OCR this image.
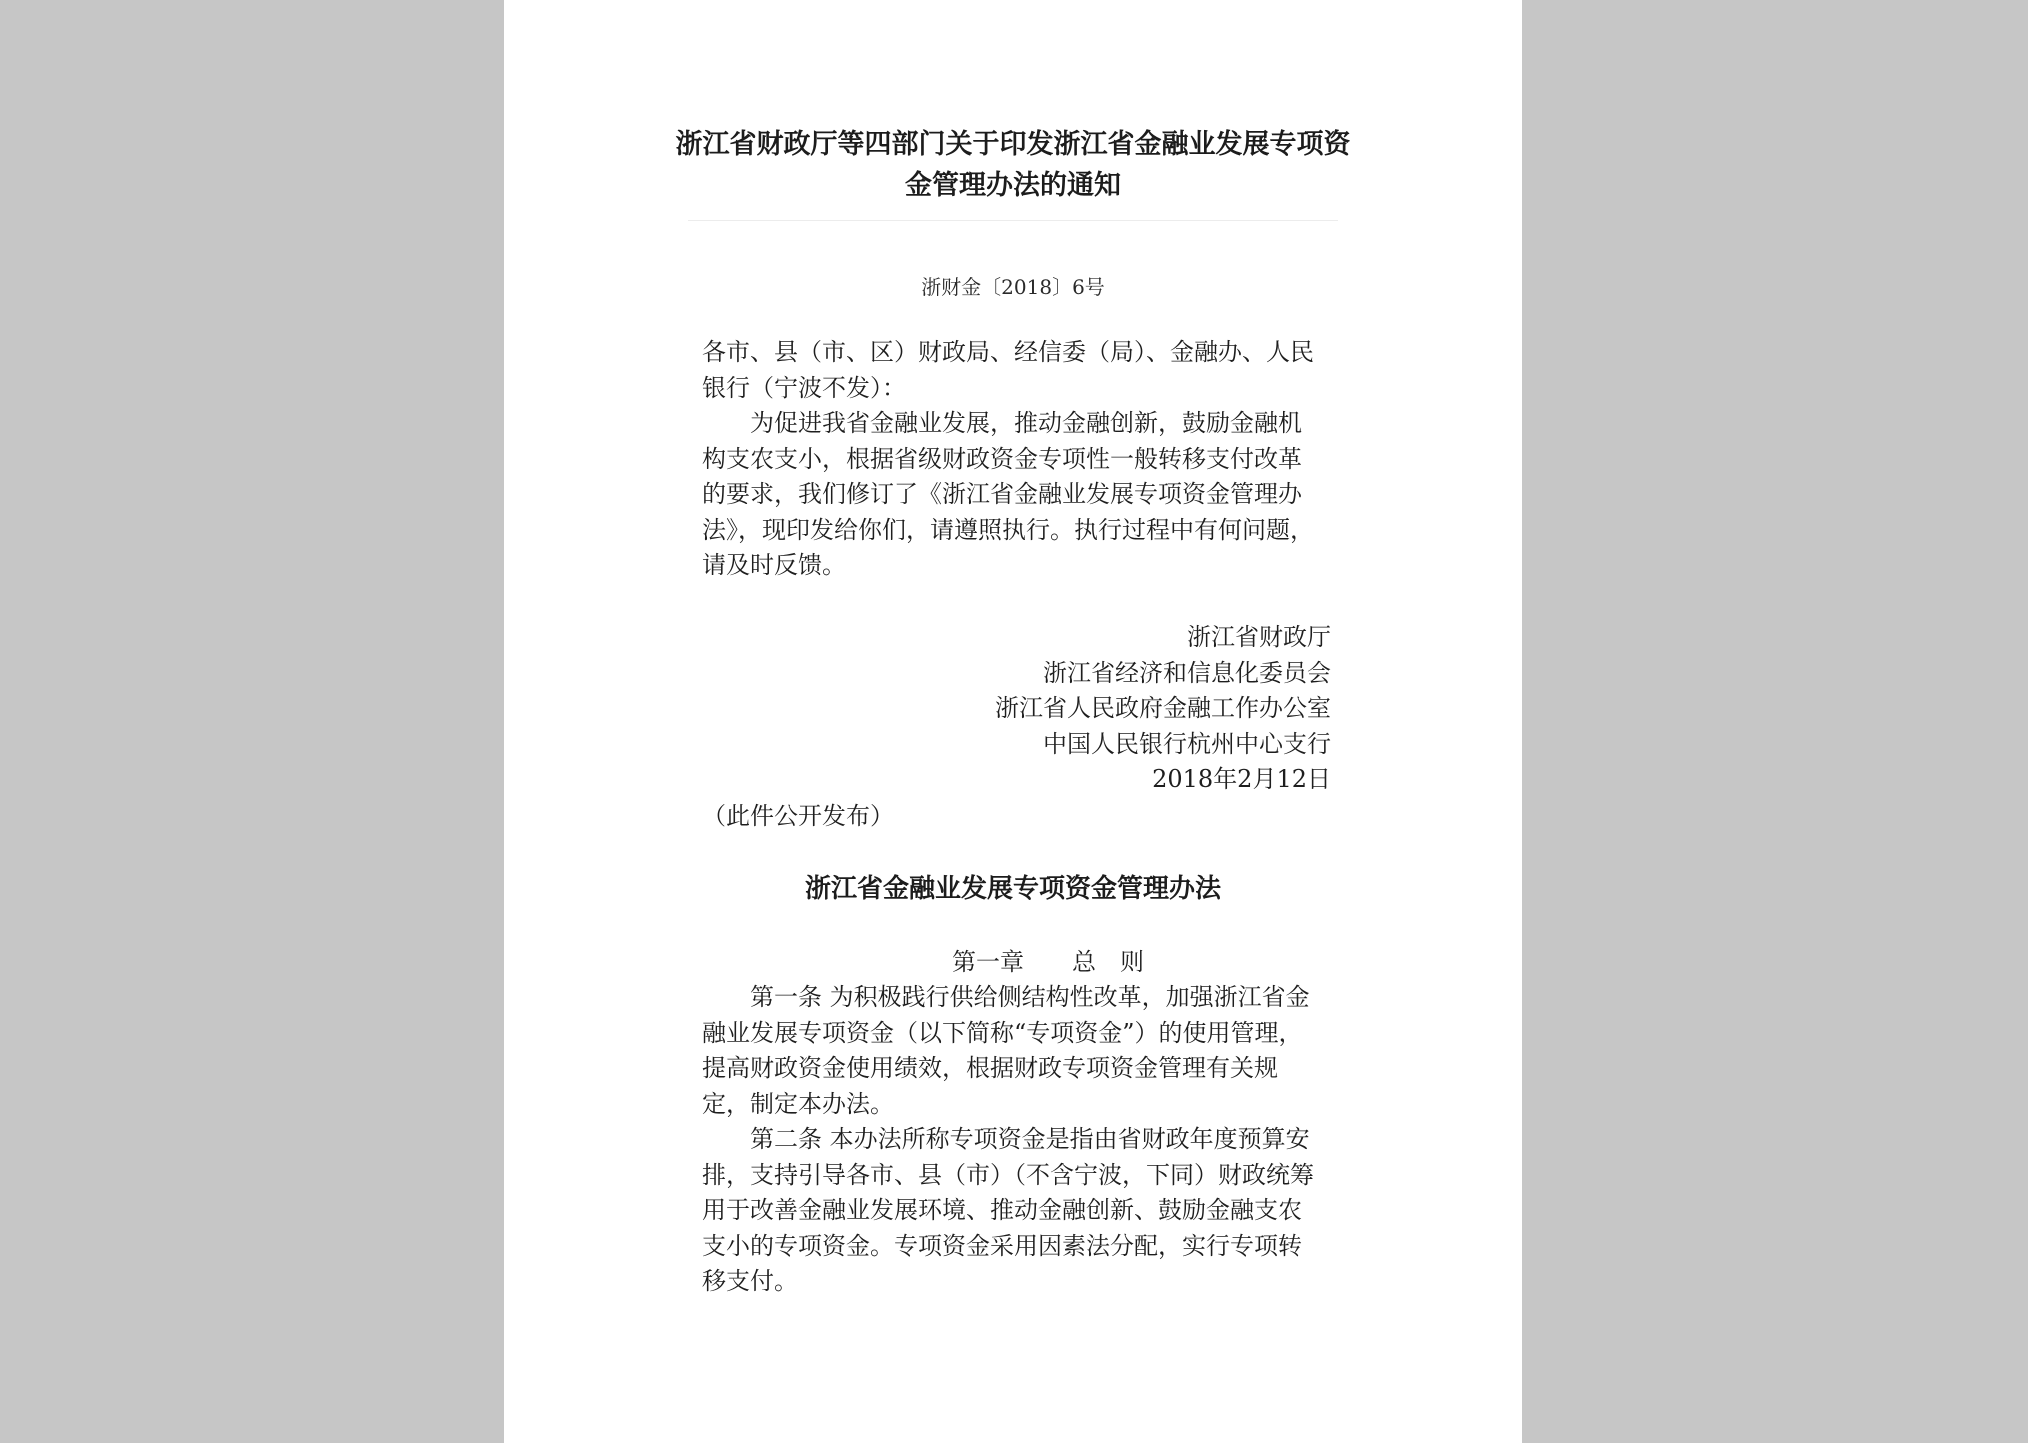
浙江省财政厅等四部门关于印发浙江省金融业发展专项资金管理办法的通知
浙财金〔2018〕6号

各市、县（市、区）财政局、经信委（局）、金融办、人民银行（宁波不发）：

为促进我省金融业发展，推动金融创新，鼓励金融机构支农支小，根据省级财政资金专项性一般转移支付改革的要求，我们修订了《浙江省金融业发展专项资金管理办法》，现印发给你们，请遵照执行。执行过程中有何问题，请及时反馈。

浙江省财政厅
浙江省经济和信息化委员会
浙江省人民政府金融工作办公室
中国人民银行杭州中心支行
2018年2月12日
（此件公开发布）
浙江省金融业发展专项资金管理办法
第一章　　总　则

第一条 为积极践行供给侧结构性改革，加强浙江省金融业发展专项资金（以下简称“专项资金”）的使用管理，提高财政资金使用绩效，根据财政专项资金管理有关规定，制定本办法。

第二条 本办法所称专项资金是指由省财政年度预算安排，支持引导各市、县（市）（不含宁波，下同）财政统筹用于改善金融业发展环境、推动金融创新、鼓励金融支农支小的专项资金。专项资金采用因素法分配，实行专项转移支付。
